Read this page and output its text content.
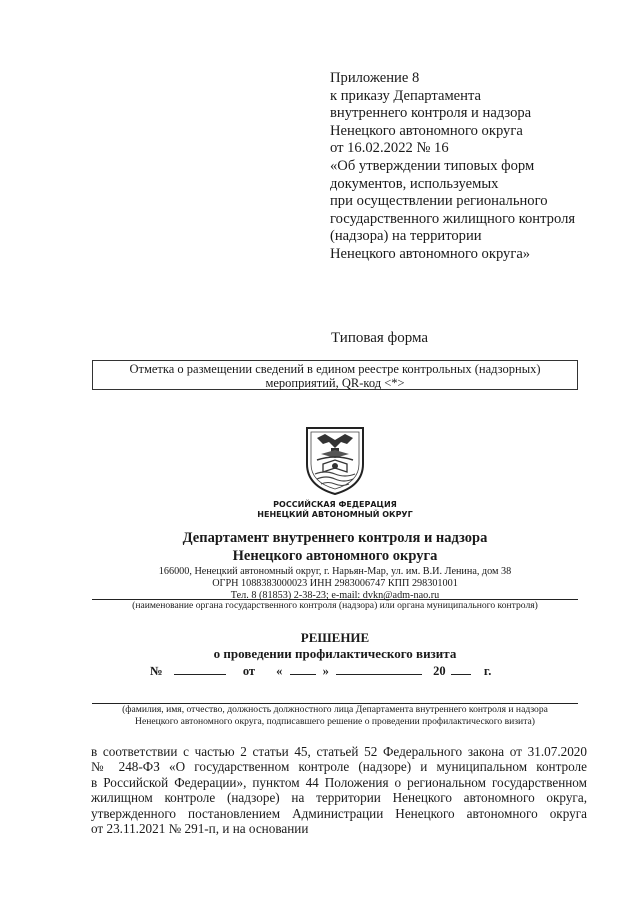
Приложение 8
к приказу Департамента
внутреннего контроля и надзора
Ненецкого автономного округа
от 16.02.2022 № 16
«Об утверждении типовых форм
документов, используемых
при осуществлении регионального
государственного жилищного контроля
(надзора) на территории
Ненецкого автономного округа»
Типовая форма
Отметка о размещении сведений в едином реестре контрольных (надзорных)
мероприятий, QR-код <*>
РОССИЙСКАЯ ФЕДЕРАЦИЯ
НЕНЕЦКИЙ АВТОНОМНЫЙ ОКРУГ
Департамент внутреннего контроля и надзора
Ненецкого автономного округа
166000, Ненецкий автономный округ, г. Нарьян-Мар, ул. им. В.И. Ленина, дом 38
ОГРН 1088383000023 ИНН 2983006747 КПП 298301001
Тел. 8 (81853) 2-38-23; e-mail: dvkn@adm-nao.ru
(наименование органа государственного контроля (надзора) или органа муниципального контроля)
РЕШЕНИЕ
о проведении профилактического визита
№	от «	»	20	г.
(фамилия, имя, отчество, должность должностного лица Департамента внутреннего контроля и надзора
Ненецкого автономного округа, подписавшего решение о проведении профилактического визита)
в соответствии с частью 2 статьи 45, статьей 52 Федерального закона от 31.07.2020
№ 248-ФЗ «О государственном контроле (надзоре) и муниципальном контроле
в Российской Федерации», пунктом 44 Положения о региональном государственном
жилищном контроле (надзоре) на территории Ненецкого автономного округа,
утвержденного постановлением Администрации Ненецкого автономного округа
от 23.11.2021 № 291-п, и на основании
